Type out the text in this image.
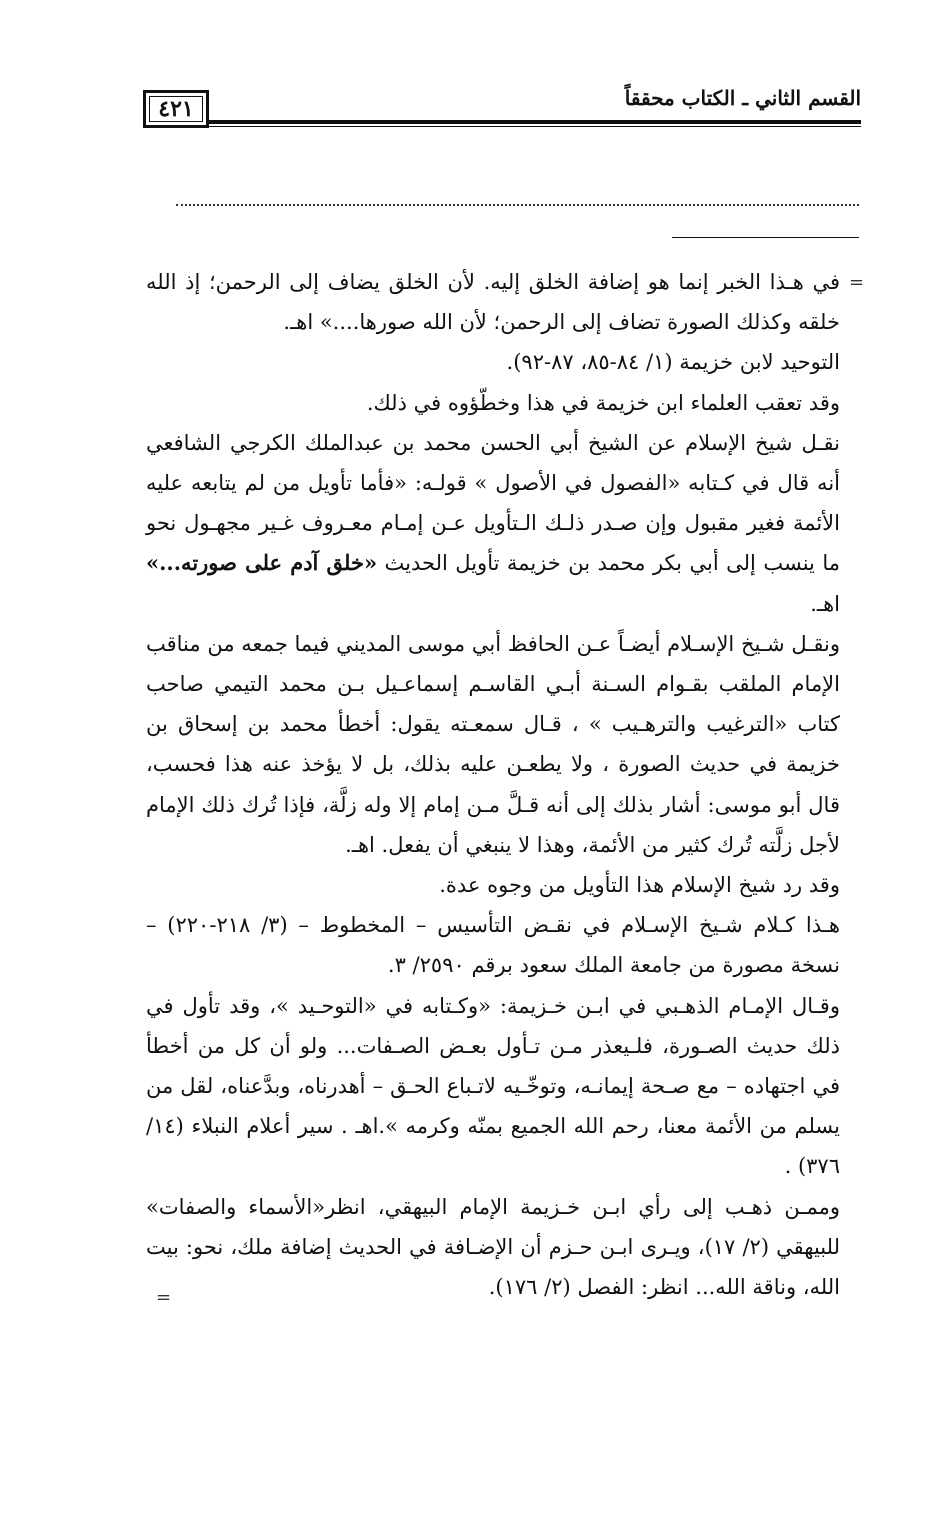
٤٢١	القسم الثاني ـ الكتاب محققاً
=

في هـذا الخبر إنما هو إضافة الخلق إليه. لأن الخلق يضاف إلى الرحمن؛ إذ الله خلقه وكذلك الصورة تضاف إلى الرحمن؛ لأن الله صورها....» اهـ.

التوحيد لابن خزيمة (١/ ٨٤-٨٥، ٨٧-٩٢).

وقد تعقب العلماء ابن خزيمة في هذا وخطّؤوه في ذلك.

نقـل شيخ الإسلام عن الشيخ أبي الحسن محمد بن عبدالملك الكرجي الشافعي أنه قال في كـتابه «الفصول في الأصول » قولـه: «فأما تأويل من لم يتابعه عليه الأئمة فغير مقبول وإن صـدر ذلـك الـتأويل عـن إمـام معـروف غـير مجهـول نحو ما ينسب إلى أبي بكر محمد بن خزيمة تأويل الحديث «خلق آدم على صورته...» اهـ.

ونقـل شـيخ الإسـلام أيضـاً عـن الحافظ أبي موسى المديني فيما جمعه من مناقب الإمام الملقب بقـوام السـنة أبـي القاسـم إسماعـيل بـن محمد التيمي صاحب كتاب «الترغيب والترهـيب » ، قـال سمعـته يقول: أخطأ محمد بن إسحاق بن خزيمة في حديث الصورة ، ولا يطعـن عليه بذلك، بل لا يؤخذ عنه هذا فحسب، قال أبو موسى: أشار بذلك إلى أنه قـلَّ مـن إمام إلا وله زلَّة، فإذا تُرك ذلك الإمام لأجل زلَّته تُرك كثير من الأئمة، وهذا لا ينبغي أن يفعل. اهـ.

وقد رد شيخ الإسلام هذا التأويل من وجوه عدة.

هـذا كـلام شـيخ الإسـلام في نقـض التأسيس – المخطوط – (٣/ ٢١٨-٢٢٠) – نسخة مصورة من جامعة الملك سعود برقم ٢٥٩٠/ ٣.

وقـال الإمـام الذهـبي في ابـن خـزيمة: «وكـتابه في «التوحـيد »، وقد تأول في ذلك حديث الصـورة، فلـيعذر مـن تـأول بعـض الصـفات... ولو أن كل من أخطأ في اجتهاده – مع صـحة إيمانـه، وتوخّـيه لاتـباع الحـق – أهدرناه، وبدَّعناه، لقل من يسلم من الأئمة معنا، رحم الله الجميع بمنّه وكرمه ».اهـ . سير أعلام النبلاء (١٤/ ٣٧٦) .

وممـن ذهـب إلى رأي ابـن خـزيمة الإمام البيهقي، انظر«الأسماء والصفات» للبيهقي (٢/ ١٧)، ويـرى ابـن حـزم أن الإضـافة في الحديث إضافة ملك، نحو: بيت الله، وناقة الله... انظر: الفصل (٢/ ١٧٦).

=
